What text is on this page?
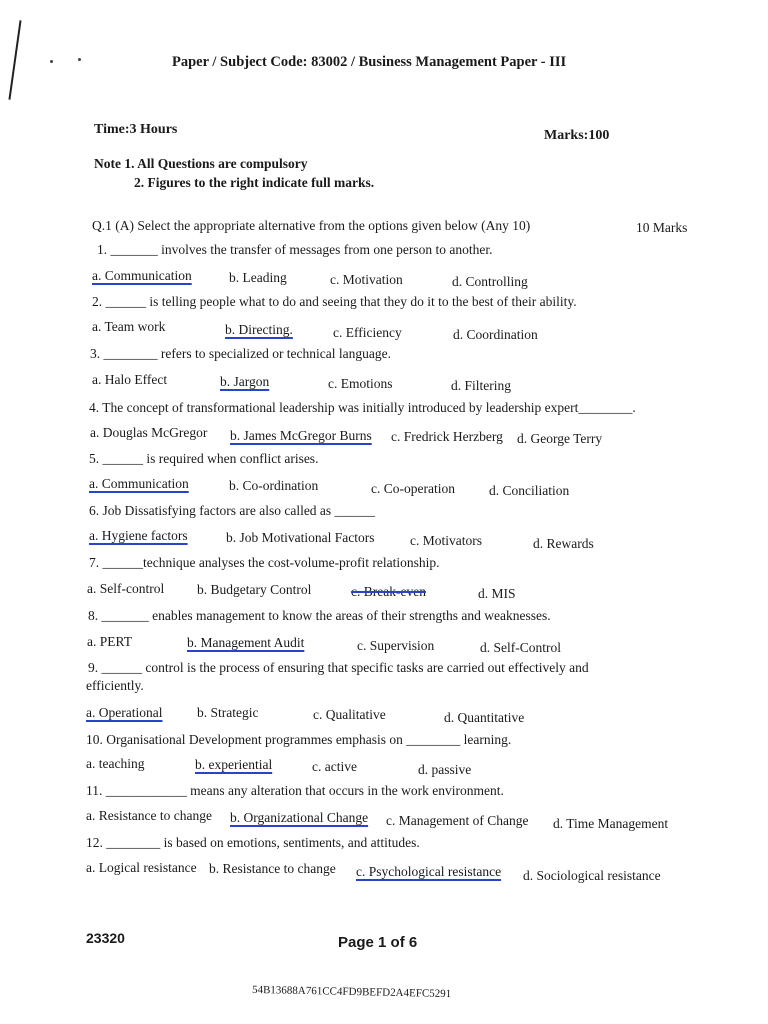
Paper / Subject Code: 83002 / Business Management Paper - III
Time:3 Hours	Marks:100
Note 1. All Questions are compulsory
2. Figures to the right indicate full marks.
Q.1 (A) Select the appropriate alternative from the options given below (Any 10)	10 Marks
1. _______ involves the transfer of messages from one person to another.
a. Communication	b. Leading	c. Motivation	d. Controlling
2. ______ is telling people what to do and seeing that they do it to the best of their ability.
a. Team work	b. Directing.	c. Efficiency	d. Coordination
3. ________ refers to specialized or technical language.
a. Halo Effect	b. Jargon	c. Emotions	d. Filtering
4. The concept of transformational leadership was initially introduced by leadership expert________.
a. Douglas McGregor b. James McGregor Burns c. Fredrick Herzberg d. George Terry
5. ______ is required when conflict arises.
a. Communication	b. Co-ordination	c. Co-operation	d. Conciliation
6. Job Dissatisfying factors are also called as ______
a. Hygiene factors	b. Job Motivational Factors	c. Motivators	d. Rewards
7. ______technique analyses the cost-volume-profit relationship.
a. Self-control b. Budgetary Control	c. Break-even	d. MIS
8. _______ enables management to know the areas of their strengths and weaknesses.
a. PERT	b. Management Audit	c. Supervision	d. Self-Control
9. ______ control is the process of ensuring that specific tasks are carried out effectively and
efficiently.
a. Operational	b. Strategic	c. Qualitative	d. Quantitative
10. Organisational Development programmes emphasis on ________ learning.
a. teaching	b. experiential	c. active	d. passive
11. ____________ means any alteration that occurs in the work environment.
a. Resistance to change b. Organizational Change c. Management of Change d. Time Management
12. ________ is based on emotions, sentiments, and attitudes.
a. Logical resistance b. Resistance to change c. Psychological resistance d. Sociological resistance
23320	Page 1 of 6
54B13688A761CC4FD9BEFD2A4EFC5291
